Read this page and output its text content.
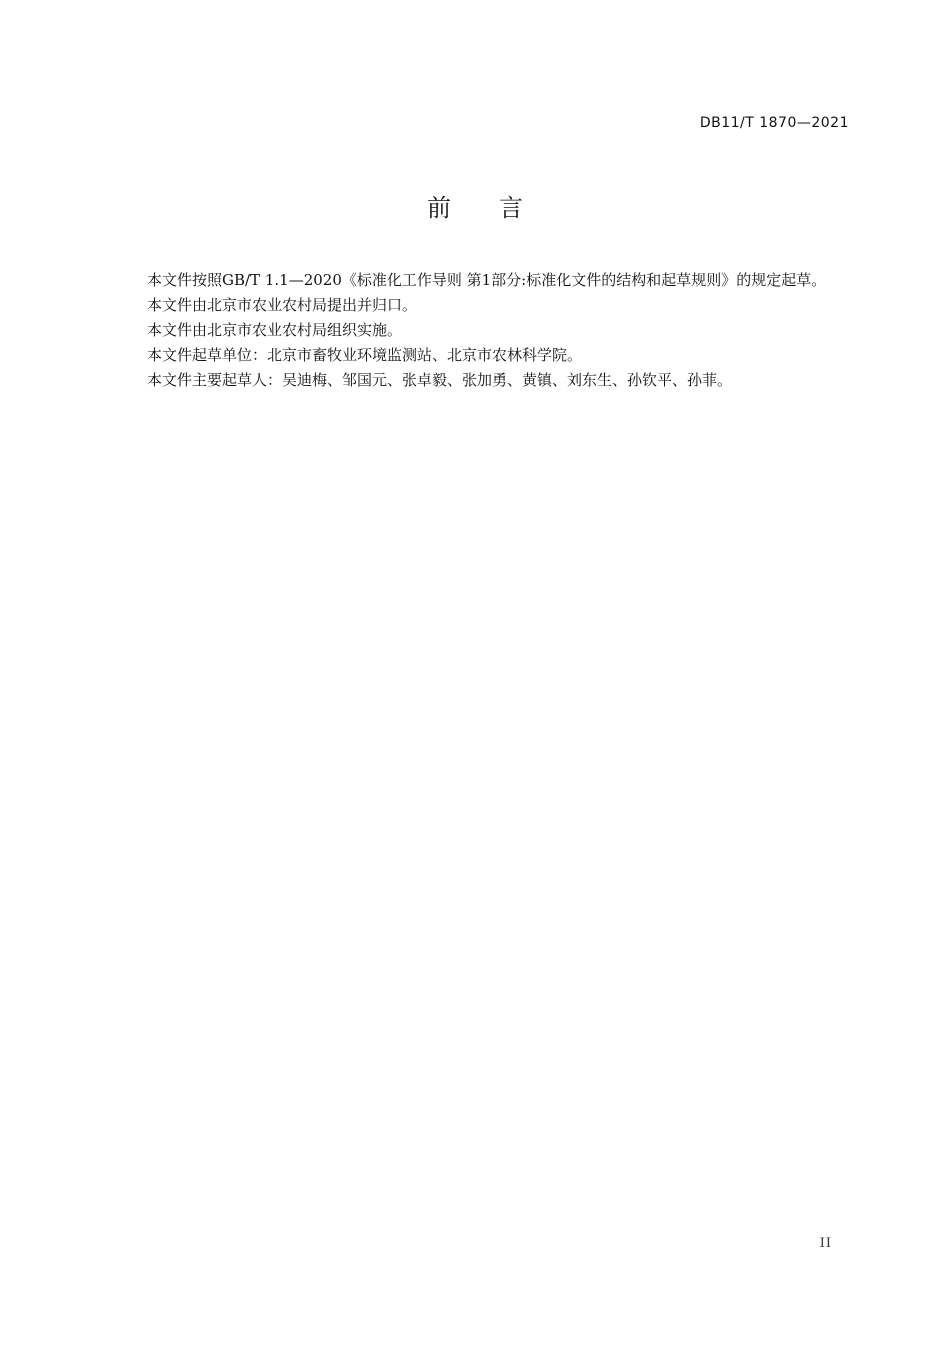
DB11/T 1870—2021
前言

本文件按照GB/T 1.1—2020《标准化工作导则 第1部分:标准化文件的结构和起草规则》的规定起草。

本文件由北京市农业农村局提出并归口。

本文件由北京市农业农村局组织实施。

本文件起草单位：北京市畜牧业环境监测站、北京市农林科学院。

本文件主要起草人：吴迪梅、邹国元、张卓毅、张加勇、黄镇、刘东生、孙钦平、孙菲。

II
